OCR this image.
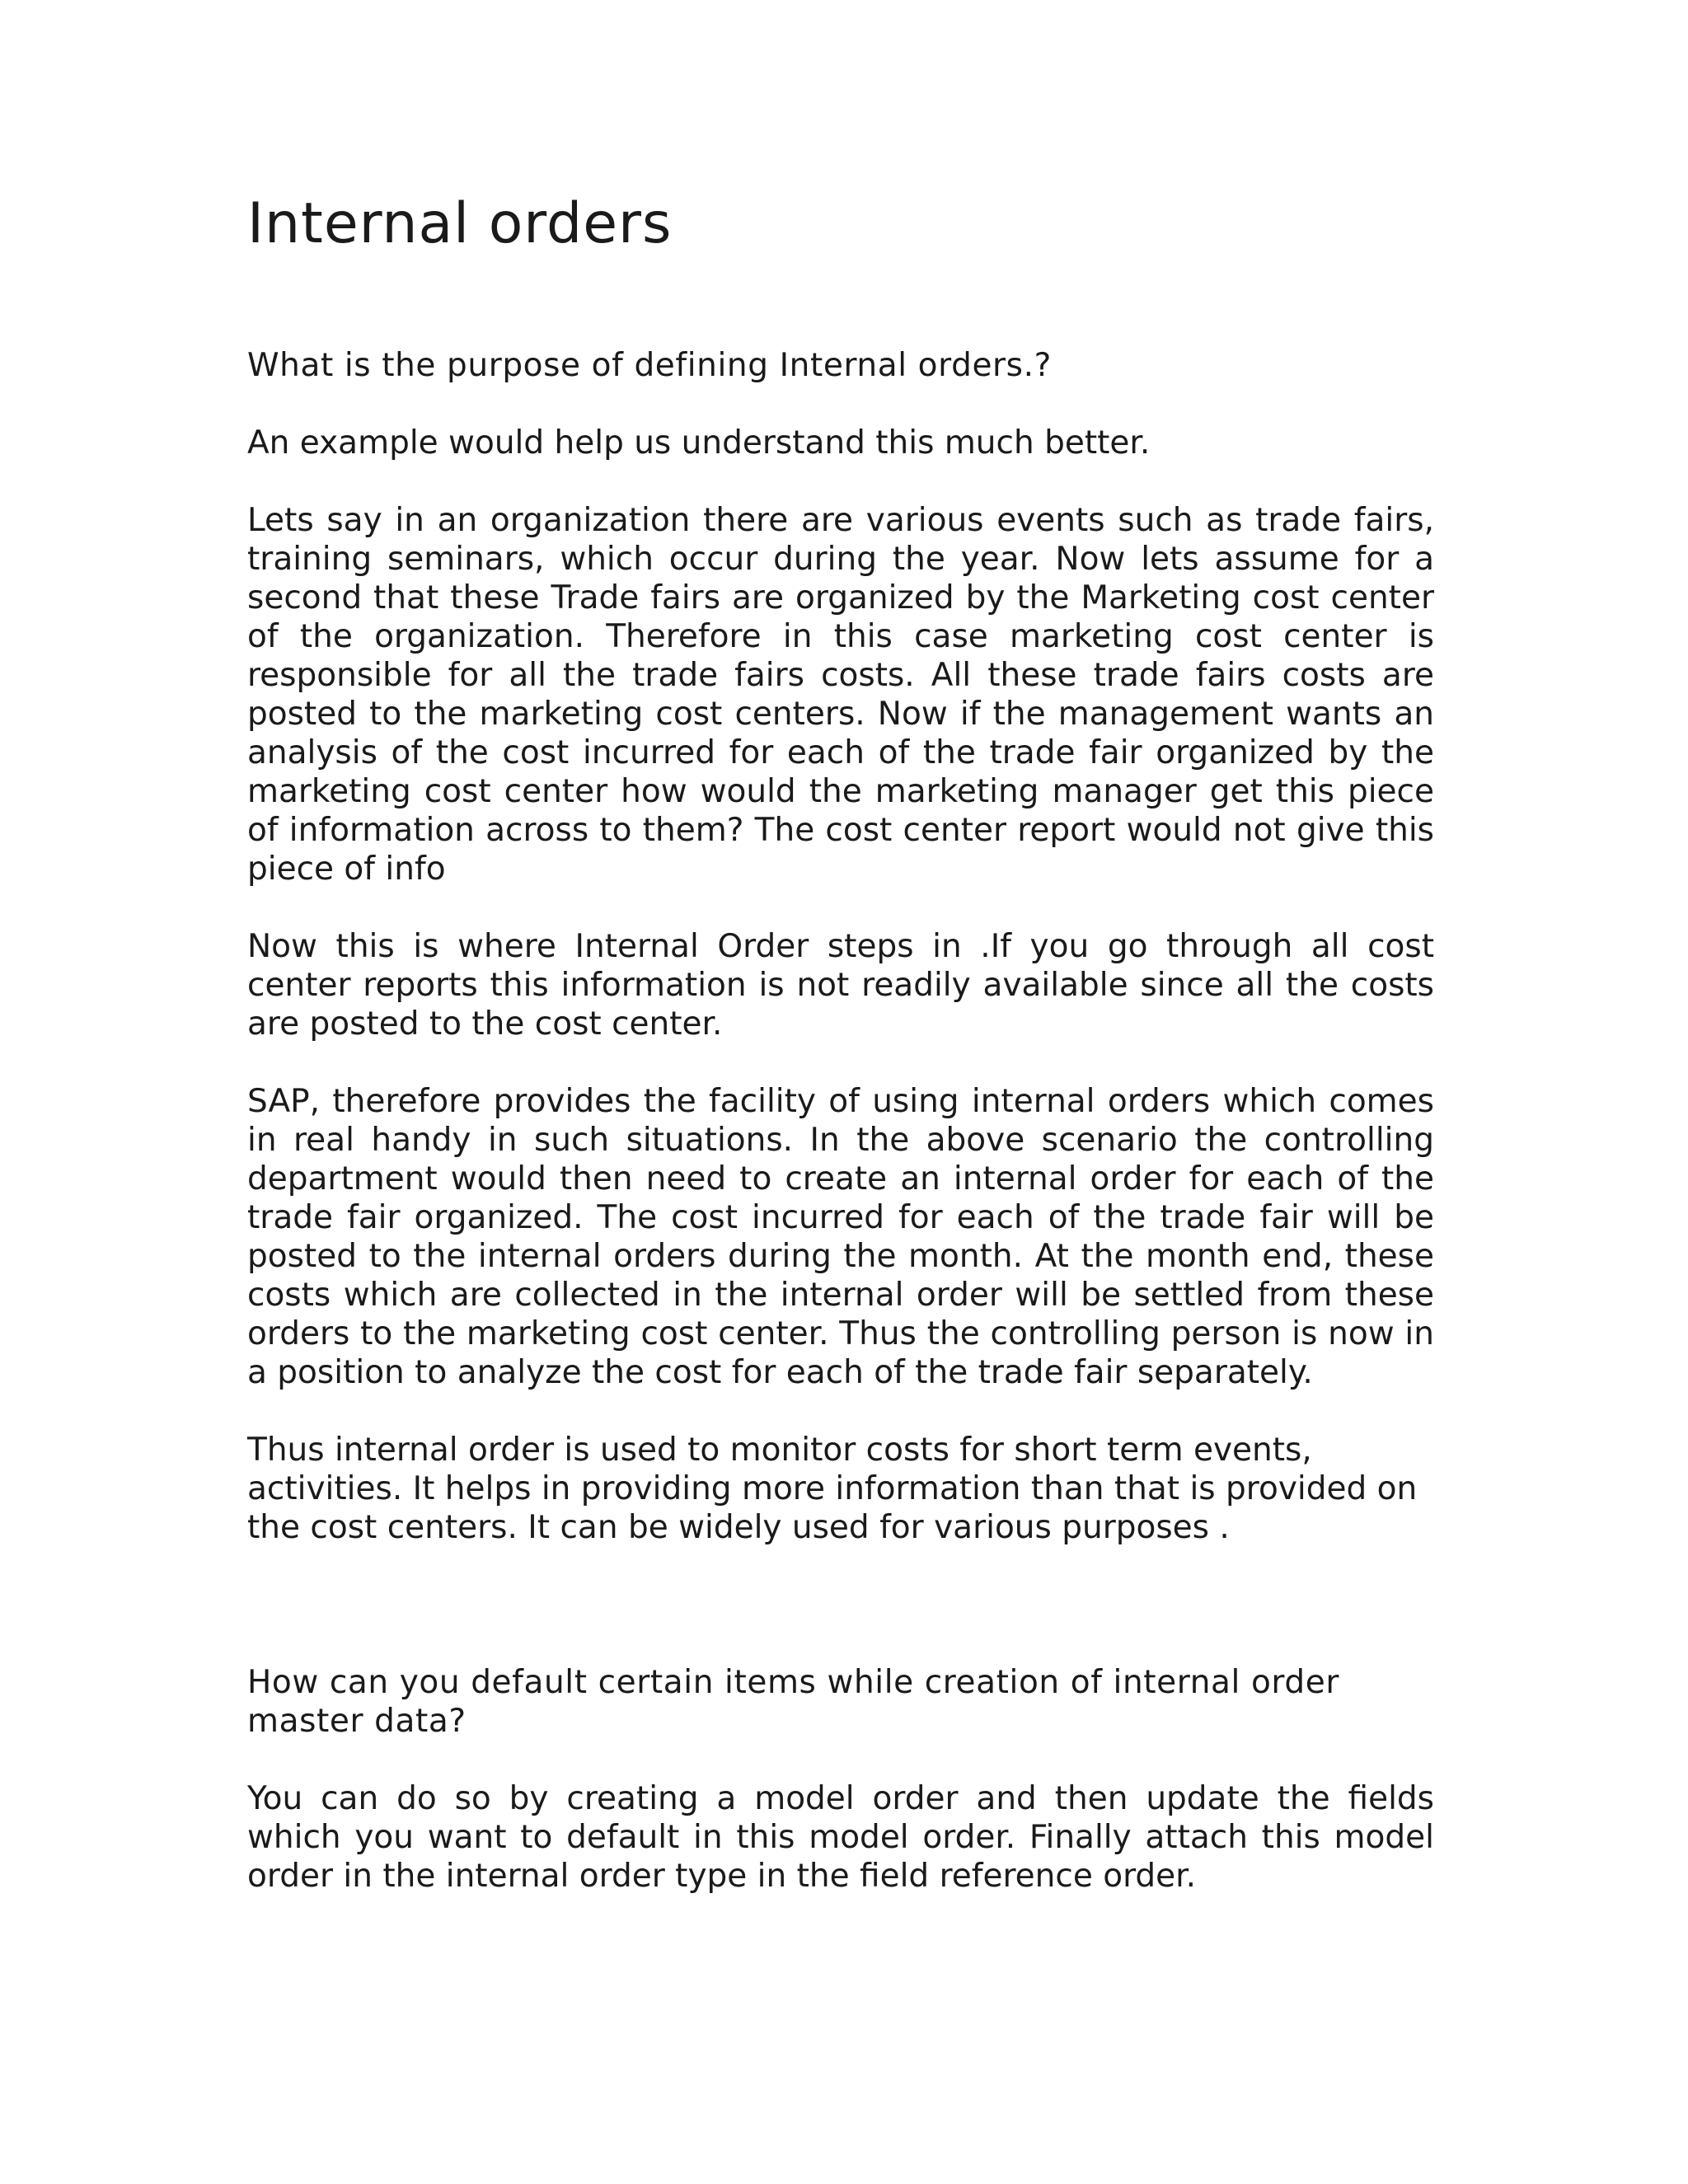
Internal orders

What is the purpose of defining Internal orders.?

An example would help us understand this much better.

Lets say in an organization there are various events such as trade fairs, training seminars, which occur during the year. Now lets assume for a second that these Trade fairs are organized by the Marketing cost center of the organization. Therefore in this case marketing cost center is responsible for all the trade fairs costs. All these trade fairs costs are posted to the marketing cost centers. Now if the management wants an analysis of the cost incurred for each of the trade fair organized by the marketing cost center how would the marketing manager get this piece of information across to them? The cost center report would not give this piece of info

Now this is where Internal Order steps in .If you go through all cost center reports this information is not readily available since all the costs are posted to the cost center.

SAP, therefore provides the facility of using internal orders which comes in real handy in such situations. In the above scenario the controlling department would then need to create an internal order for each of the trade fair organized. The cost incurred for each of the trade fair will be posted to the internal orders during the month. At the month end, these costs which are collected in the internal order will be settled from these orders to the marketing cost center. Thus the controlling person is now in a position to analyze the cost for each of the trade fair separately.

Thus internal order is used to monitor costs for short term events, activities. It helps in providing more information than that is provided on the cost centers. It can be widely used for various purposes .

How can you default certain items while creation of internal order master data?

You can do so by creating a model order and then update the fields which you want to default in this model order. Finally attach this model order in the internal order type in the field reference order.
